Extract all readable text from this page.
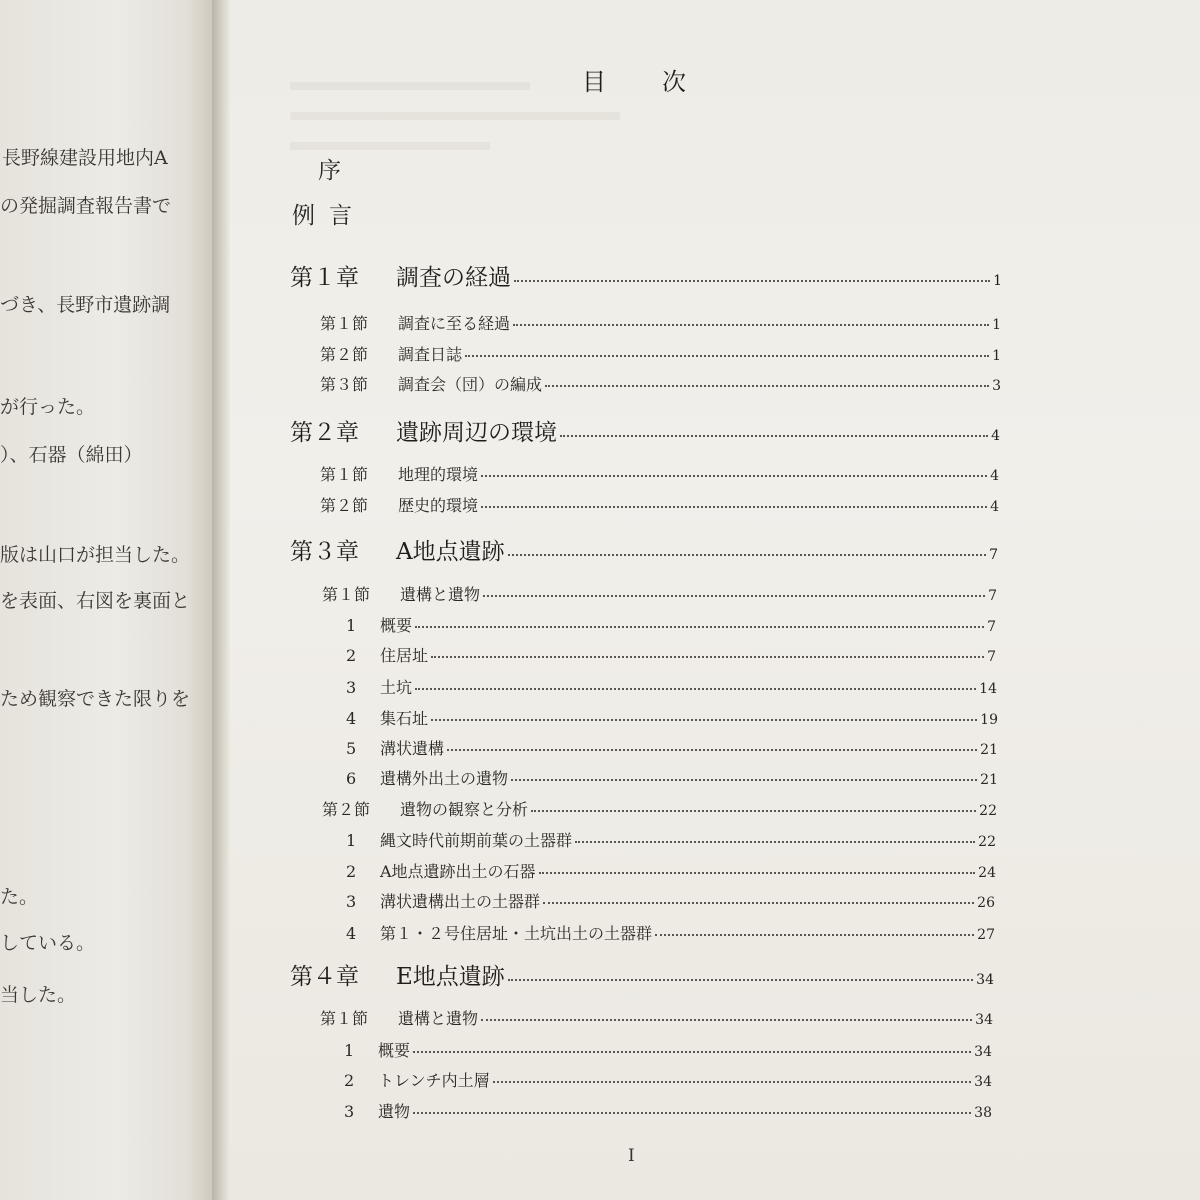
長野線建設用地内A
の発掘調査報告書で
づき、長野市遺跡調
が行った。
）、石器（綿田）
版は山口が担当した。
を表面、右図を裏面と
ため観察できた限りを
た。
している。
当した。
目次
序
例言
第１章	調査の経過	1
第１節	調査に至る経過	1
第２節	調査日誌	1
第３節	調査会（団）の編成	3
第２章	遺跡周辺の環境	4
第１節	地理的環境	4
第２節	歴史的環境	4
第３章	A地点遺跡	7
第１節	遺構と遺物	7
1	概要	7
2	住居址	7
3	土坑	14
4	集石址	19
5	溝状遺構	21
6	遺構外出土の遺物	21
第２節	遺物の観察と分析	22
1	縄文時代前期前葉の土器群	22
2	A地点遺跡出土の石器	24
3	溝状遺構出土の土器群	26
4	第１・２号住居址・土坑出土の土器群	27
第４章	E地点遺跡	34
第１節	遺構と遺物	34
1	概要	34
2	トレンチ内土層	34
3	遺物	38
I
